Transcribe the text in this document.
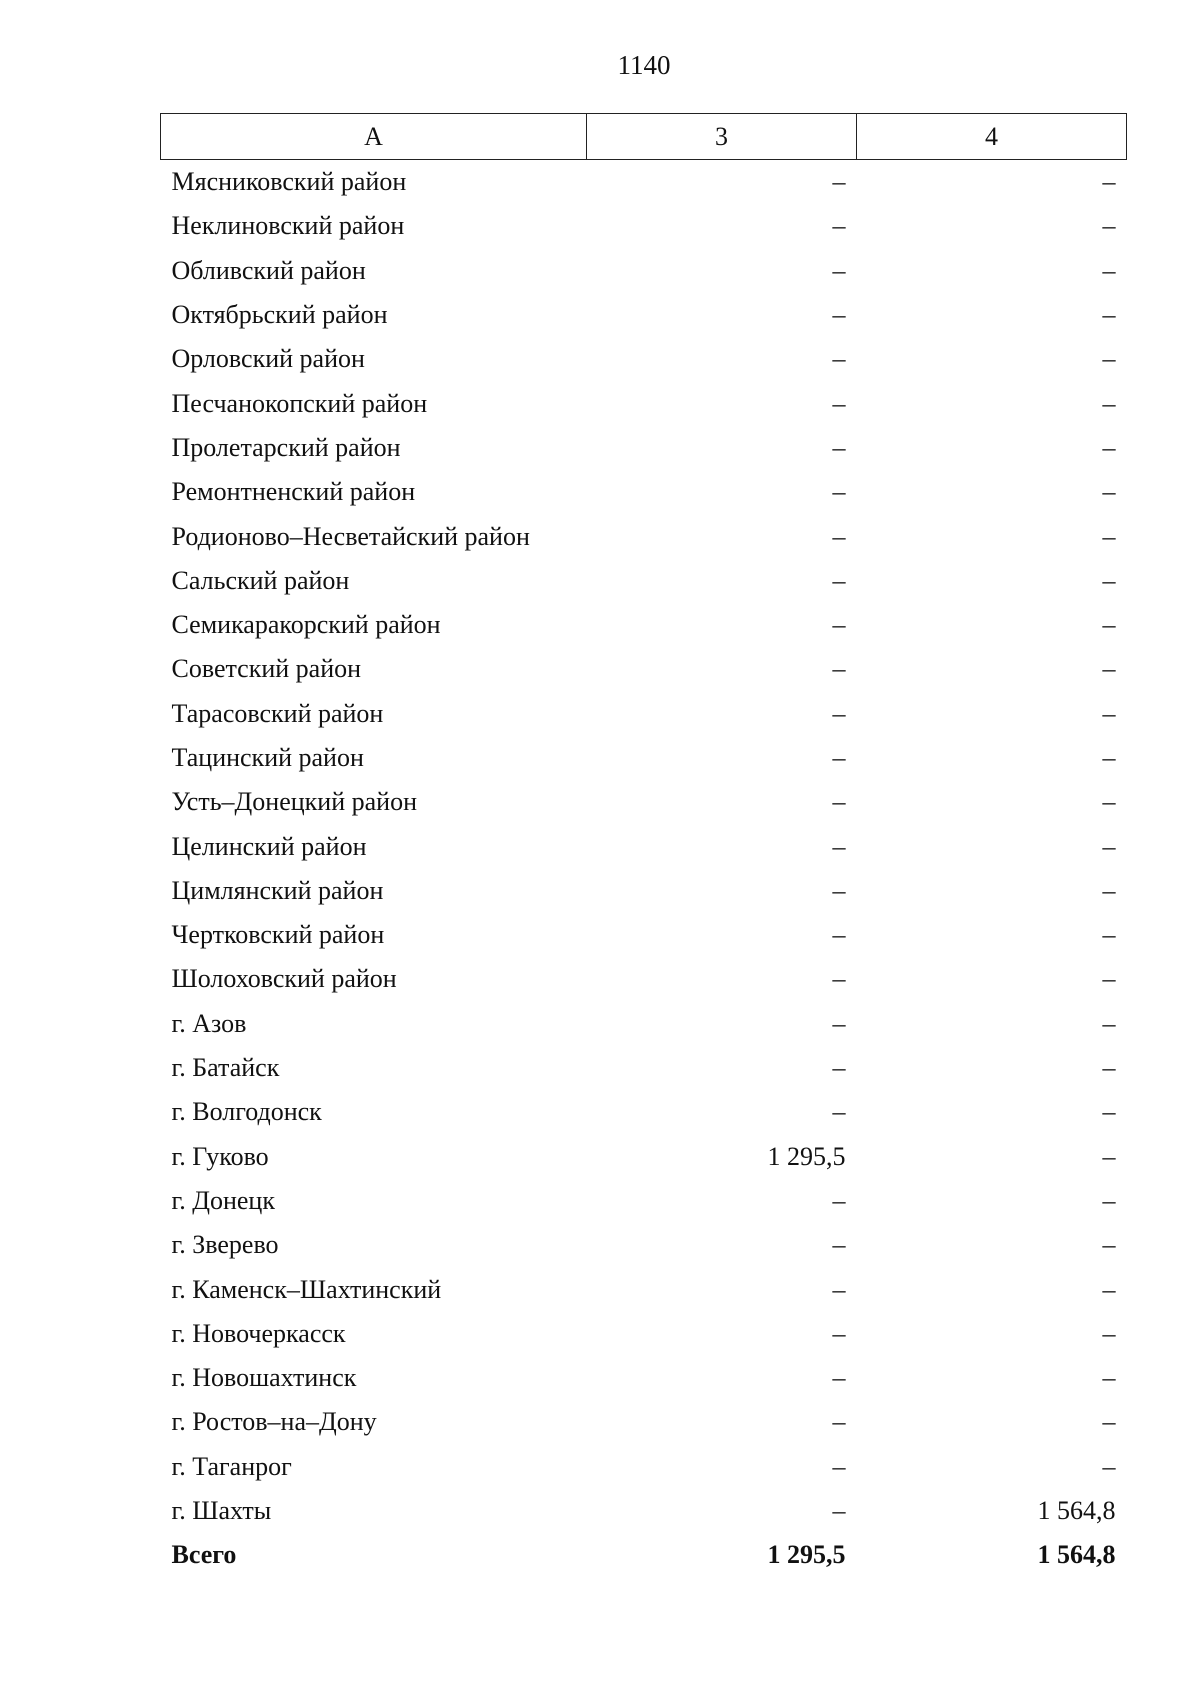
1140
А	3	4
Мясниковский район	–	–
Неклиновский район	–	–
Обливский район	–	–
Октябрьский район	–	–
Орловский район	–	–
Песчанокопский район	–	–
Пролетарский район	–	–
Ремонтненский район	–	–
Родионово–Несветайский район	–	–
Сальский район	–	–
Семикаракорский район	–	–
Советский район	–	–
Тарасовский район	–	–
Тацинский район	–	–
Усть–Донецкий район	–	–
Целинский район	–	–
Цимлянский район	–	–
Чертковский район	–	–
Шолоховский район	–	–
г. Азов	–	–
г. Батайск	–	–
г. Волгодонск	–	–
г. Гуково	1 295,5	–
г. Донецк	–	–
г. Зверево	–	–
г. Каменск–Шахтинский	–	–
г. Новочеркасск	–	–
г. Новошахтинск	–	–
г. Ростов–на–Дону	–	–
г. Таганрог	–	–
г. Шахты	–	1 564,8
Всего	1 295,5	1 564,8
